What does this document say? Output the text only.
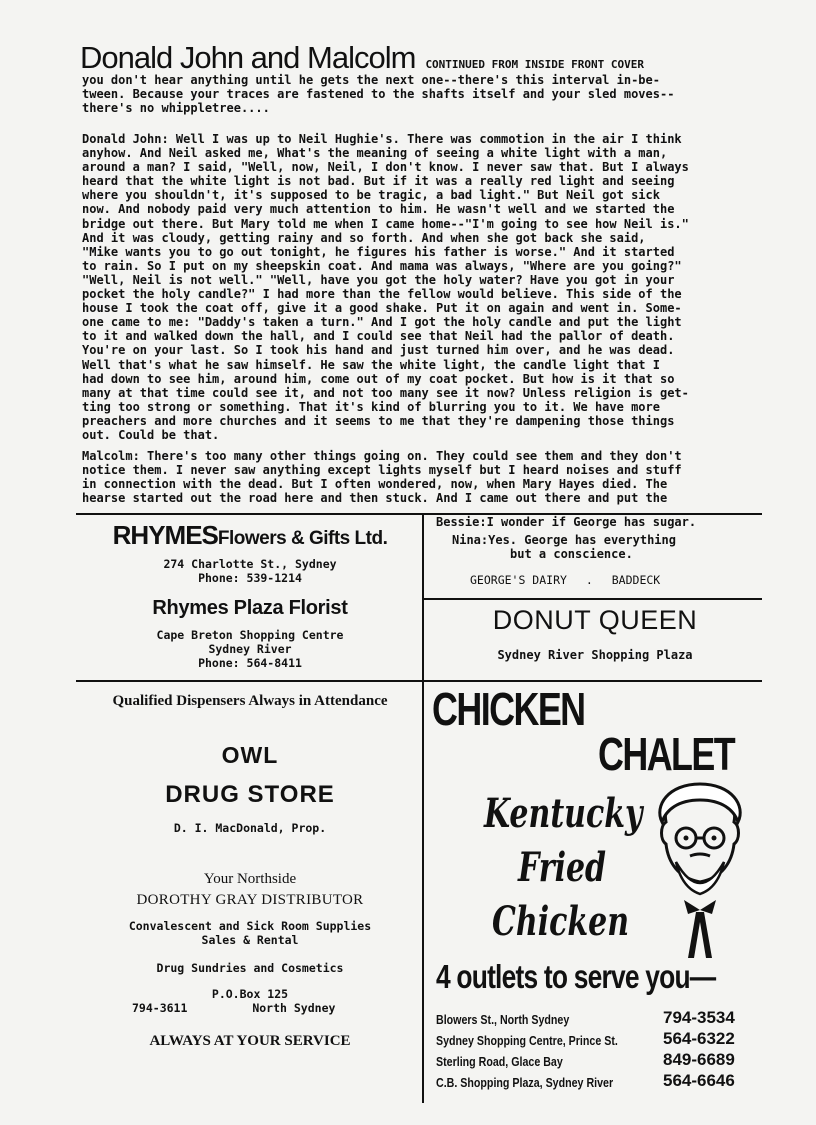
Donald John and Malcolm CONTINUED FROM INSIDE FRONT COVER

you don't hear anything until he gets the next one--there's this interval in-be-
tween. Because your traces are fastened to the shafts itself and your sled moves--
there's no whippletree....

Donald John: Well I was up to Neil Hughie's. There was commotion in the air I think
anyhow. And Neil asked me, What's the meaning of seeing a white light with a man,
around a man? I said, "Well, now, Neil, I don't know. I never saw that. But I always
heard that the white light is not bad. But if it was a really red light and seeing
where you shouldn't, it's supposed to be tragic, a bad light." But Neil got sick
now. And nobody paid very much attention to him. He wasn't well and we started the
bridge out there. But Mary told me when I came home--"I'm going to see how Neil is."
And it was cloudy, getting rainy and so forth. And when she got back she said,
"Mike wants you to go out tonight, he figures his father is worse." And it started
to rain. So I put on my sheepskin coat. And mama was always, "Where are you going?"
"Well, Neil is not well." "Well, have you got the holy water? Have you got in your
pocket the holy candle?" I had more than the fellow would believe. This side of the
house I took the coat off, give it a good shake. Put it on again and went in. Some-
one came to me: "Daddy's taken a turn." And I got the holy candle and put the light
to it and walked down the hall, and I could see that Neil had the pallor of death.
You're on your last. So I took his hand and just turned him over, and he was dead.
Well that's what he saw himself. He saw the white light, the candle light that I
had down to see him, around him, come out of my coat pocket. But how is it that so
many at that time could see it, and not too many see it now? Unless religion is get-
ting too strong or something. That it's kind of blurring you to it. We have more
preachers and more churches and it seems to me that they're dampening those things
out. Could be that.

Malcolm: There's too many other things going on. They could see them and they don't
notice them. I never saw anything except lights myself but I heard noises and stuff
in connection with the dead. But I often wondered, now, when Mary Hayes died. The
hearse started out the road here and then stuck. And I came out there and put the

RHYMESFlowers & Gifts Ltd.
274 Charlotte St., Sydney
Phone: 539-1214
Rhymes Plaza Florist
Cape Breton Shopping Centre
Sydney River
Phone: 564-8411
Bessie:I wonder if George has sugar.
Nina:Yes. George has everything
but a conscience.
GEORGE'S DAIRY . BADDECK
DONUT QUEEN
Sydney River Shopping Plaza
Qualified Dispensers Always in Attendance
OWL
DRUG STORE
D. I. MacDonald, Prop.
Your Northside
DOROTHY GRAY DISTRIBUTOR
Convalescent and Sick Room Supplies
Sales & Rental
Drug Sundries and Cosmetics
P.O.Box 125
794-3611	North Sydney
ALWAYS AT YOUR SERVICE
CHICKEN
CHALET
Kentucky
Fried
Chicken
4 outlets to serve you—
Blowers St., North Sydney	794-3534
Sydney Shopping Centre, Prince St.	564-6322
Sterling Road, Glace Bay	849-6689
C.B. Shopping Plaza, Sydney River	564-6646
